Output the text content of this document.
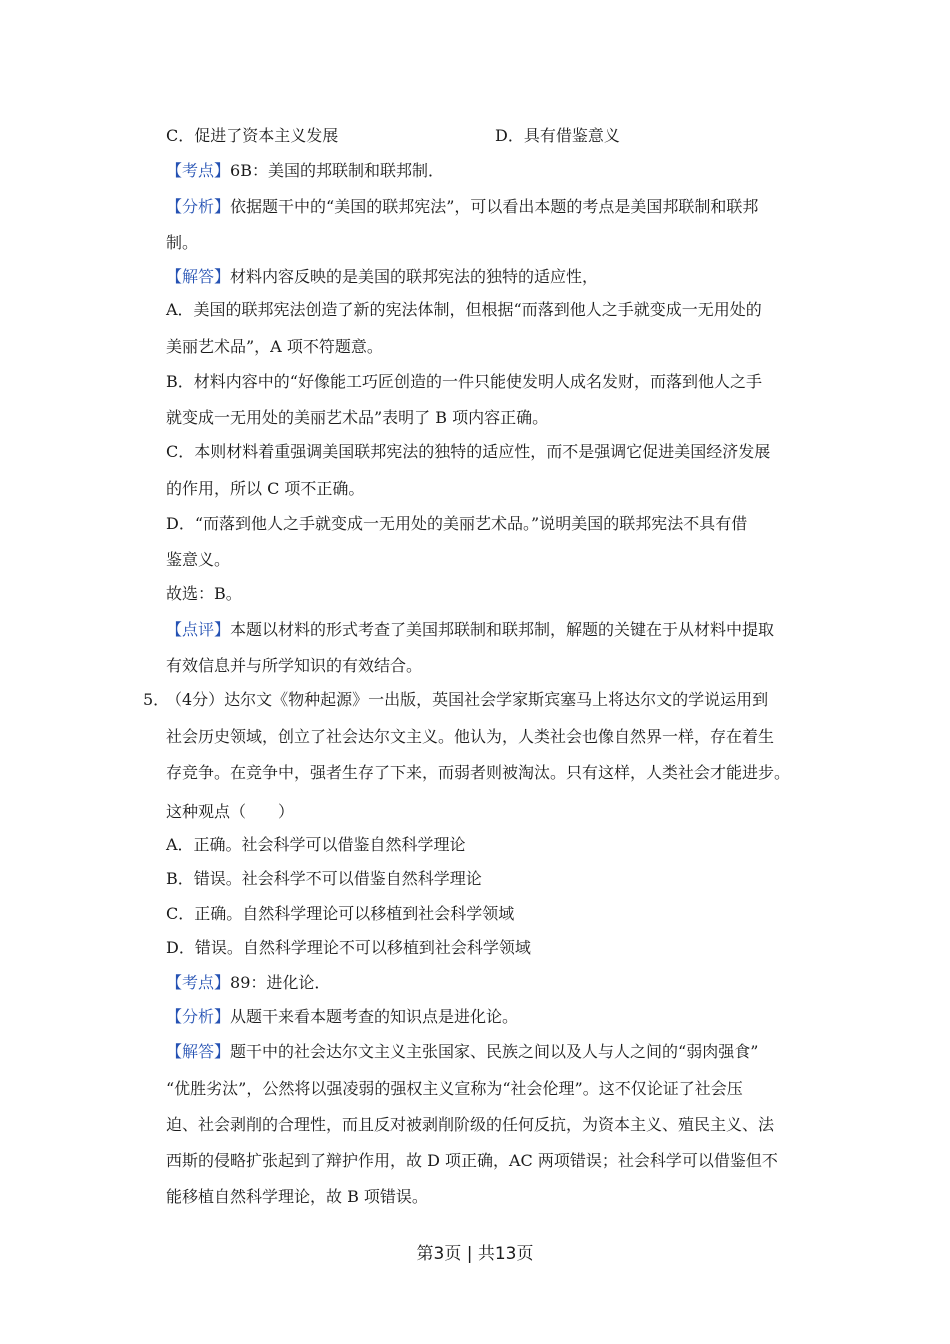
C．促进了资本主义发展	D．具有借鉴意义
【考点】6B：美国的邦联制和联邦制．
【分析】依据题干中的“美国的联邦宪法”，可以看出本题的考点是美国邦联制和联邦
制。
【解答】材料内容反映的是美国的联邦宪法的独特的适应性，
A．美国的联邦宪法创造了新的宪法体制，但根据“而落到他人之手就变成一无用处的
美丽艺术品”，A 项不符题意。
B．材料内容中的“好像能工巧匠创造的一件只能使发明人成名发财，而落到他人之手
就变成一无用处的美丽艺术品”表明了 B 项内容正确。
C．本则材料着重强调美国联邦宪法的独特的适应性，而不是强调它促进美国经济发展
的作用，所以 C 项不正确。
D．“而落到他人之手就变成一无用处的美丽艺术品。”说明美国的联邦宪法不具有借
鉴意义。
故选：B。
【点评】本题以材料的形式考查了美国邦联制和联邦制，解题的关键在于从材料中提取
有效信息并与所学知识的有效结合。
5．
（4分）达尔文《物种起源》一出版，英国社会学家斯宾塞马上将达尔文的学说运用到
社会历史领域，创立了社会达尔文主义。他认为，人类社会也像自然界一样，存在着生
存竞争。在竞争中，强者生存了下来，而弱者则被淘汰。只有这样，人类社会才能进步。
这种观点（　　）
A．正确。社会科学可以借鉴自然科学理论
B．错误。社会科学不可以借鉴自然科学理论
C．正确。自然科学理论可以移植到社会科学领域
D．错误。自然科学理论不可以移植到社会科学领域
【考点】89：进化论．
【分析】从题干来看本题考查的知识点是进化论。
【解答】题干中的社会达尔文主义主张国家、民族之间以及人与人之间的“弱肉强食”
“优胜劣汰”，公然将以强凌弱的强权主义宣称为“社会伦理”。这不仅论证了社会压
迫、社会剥削的合理性，而且反对被剥削阶级的任何反抗，为资本主义、殖民主义、法
西斯的侵略扩张起到了辩护作用，故 D 项正确，AC 两项错误；社会科学可以借鉴但不
能移植自然科学理论，故 B 项错误。
第3页 | 共13页
